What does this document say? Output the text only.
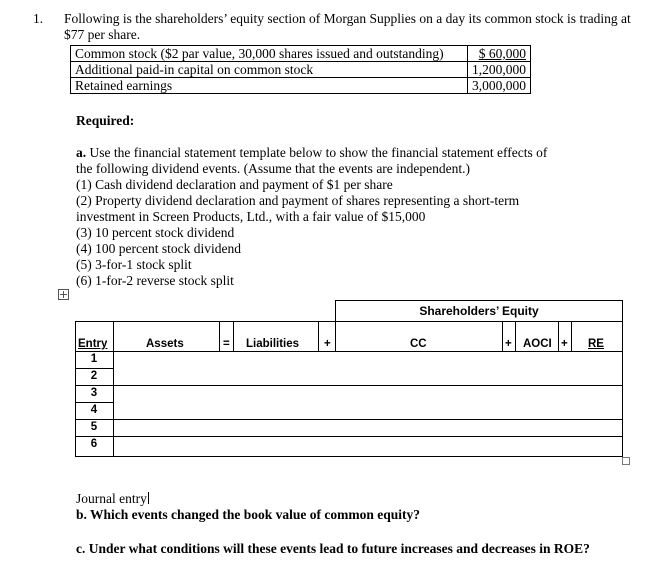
1. Following is the shareholders’ equity section of Morgan Supplies on a day its common stock is trading at
$77 per share.
Common stock ($2 par value, 30,000 shares issued and outstanding)	$ 60,000
Additional paid-in capital on common stock	1,200,000
Retained earnings	3,000,000
Required:
a. Use the financial statement template below to show the financial statement effects of
the following dividend events. (Assume that the events are independent.)
(1) Cash dividend declaration and payment of $1 per share
(2) Property dividend declaration and payment of shares representing a short-term
investment in Screen Products, Ltd., with a fair value of $15,000
(3) 10 percent stock dividend
(4) 100 percent stock dividend
(5) 3-for-1 stock split
(6) 1-for-2 reverse stock split
Shareholders’ Equity
Entry	Assets	= Liabilities +	CC	+ AOCI + RE
1
2
3
4
5
6
Journal entry
b. Which events changed the book value of common equity?
c. Under what conditions will these events lead to future increases and decreases in ROE?
